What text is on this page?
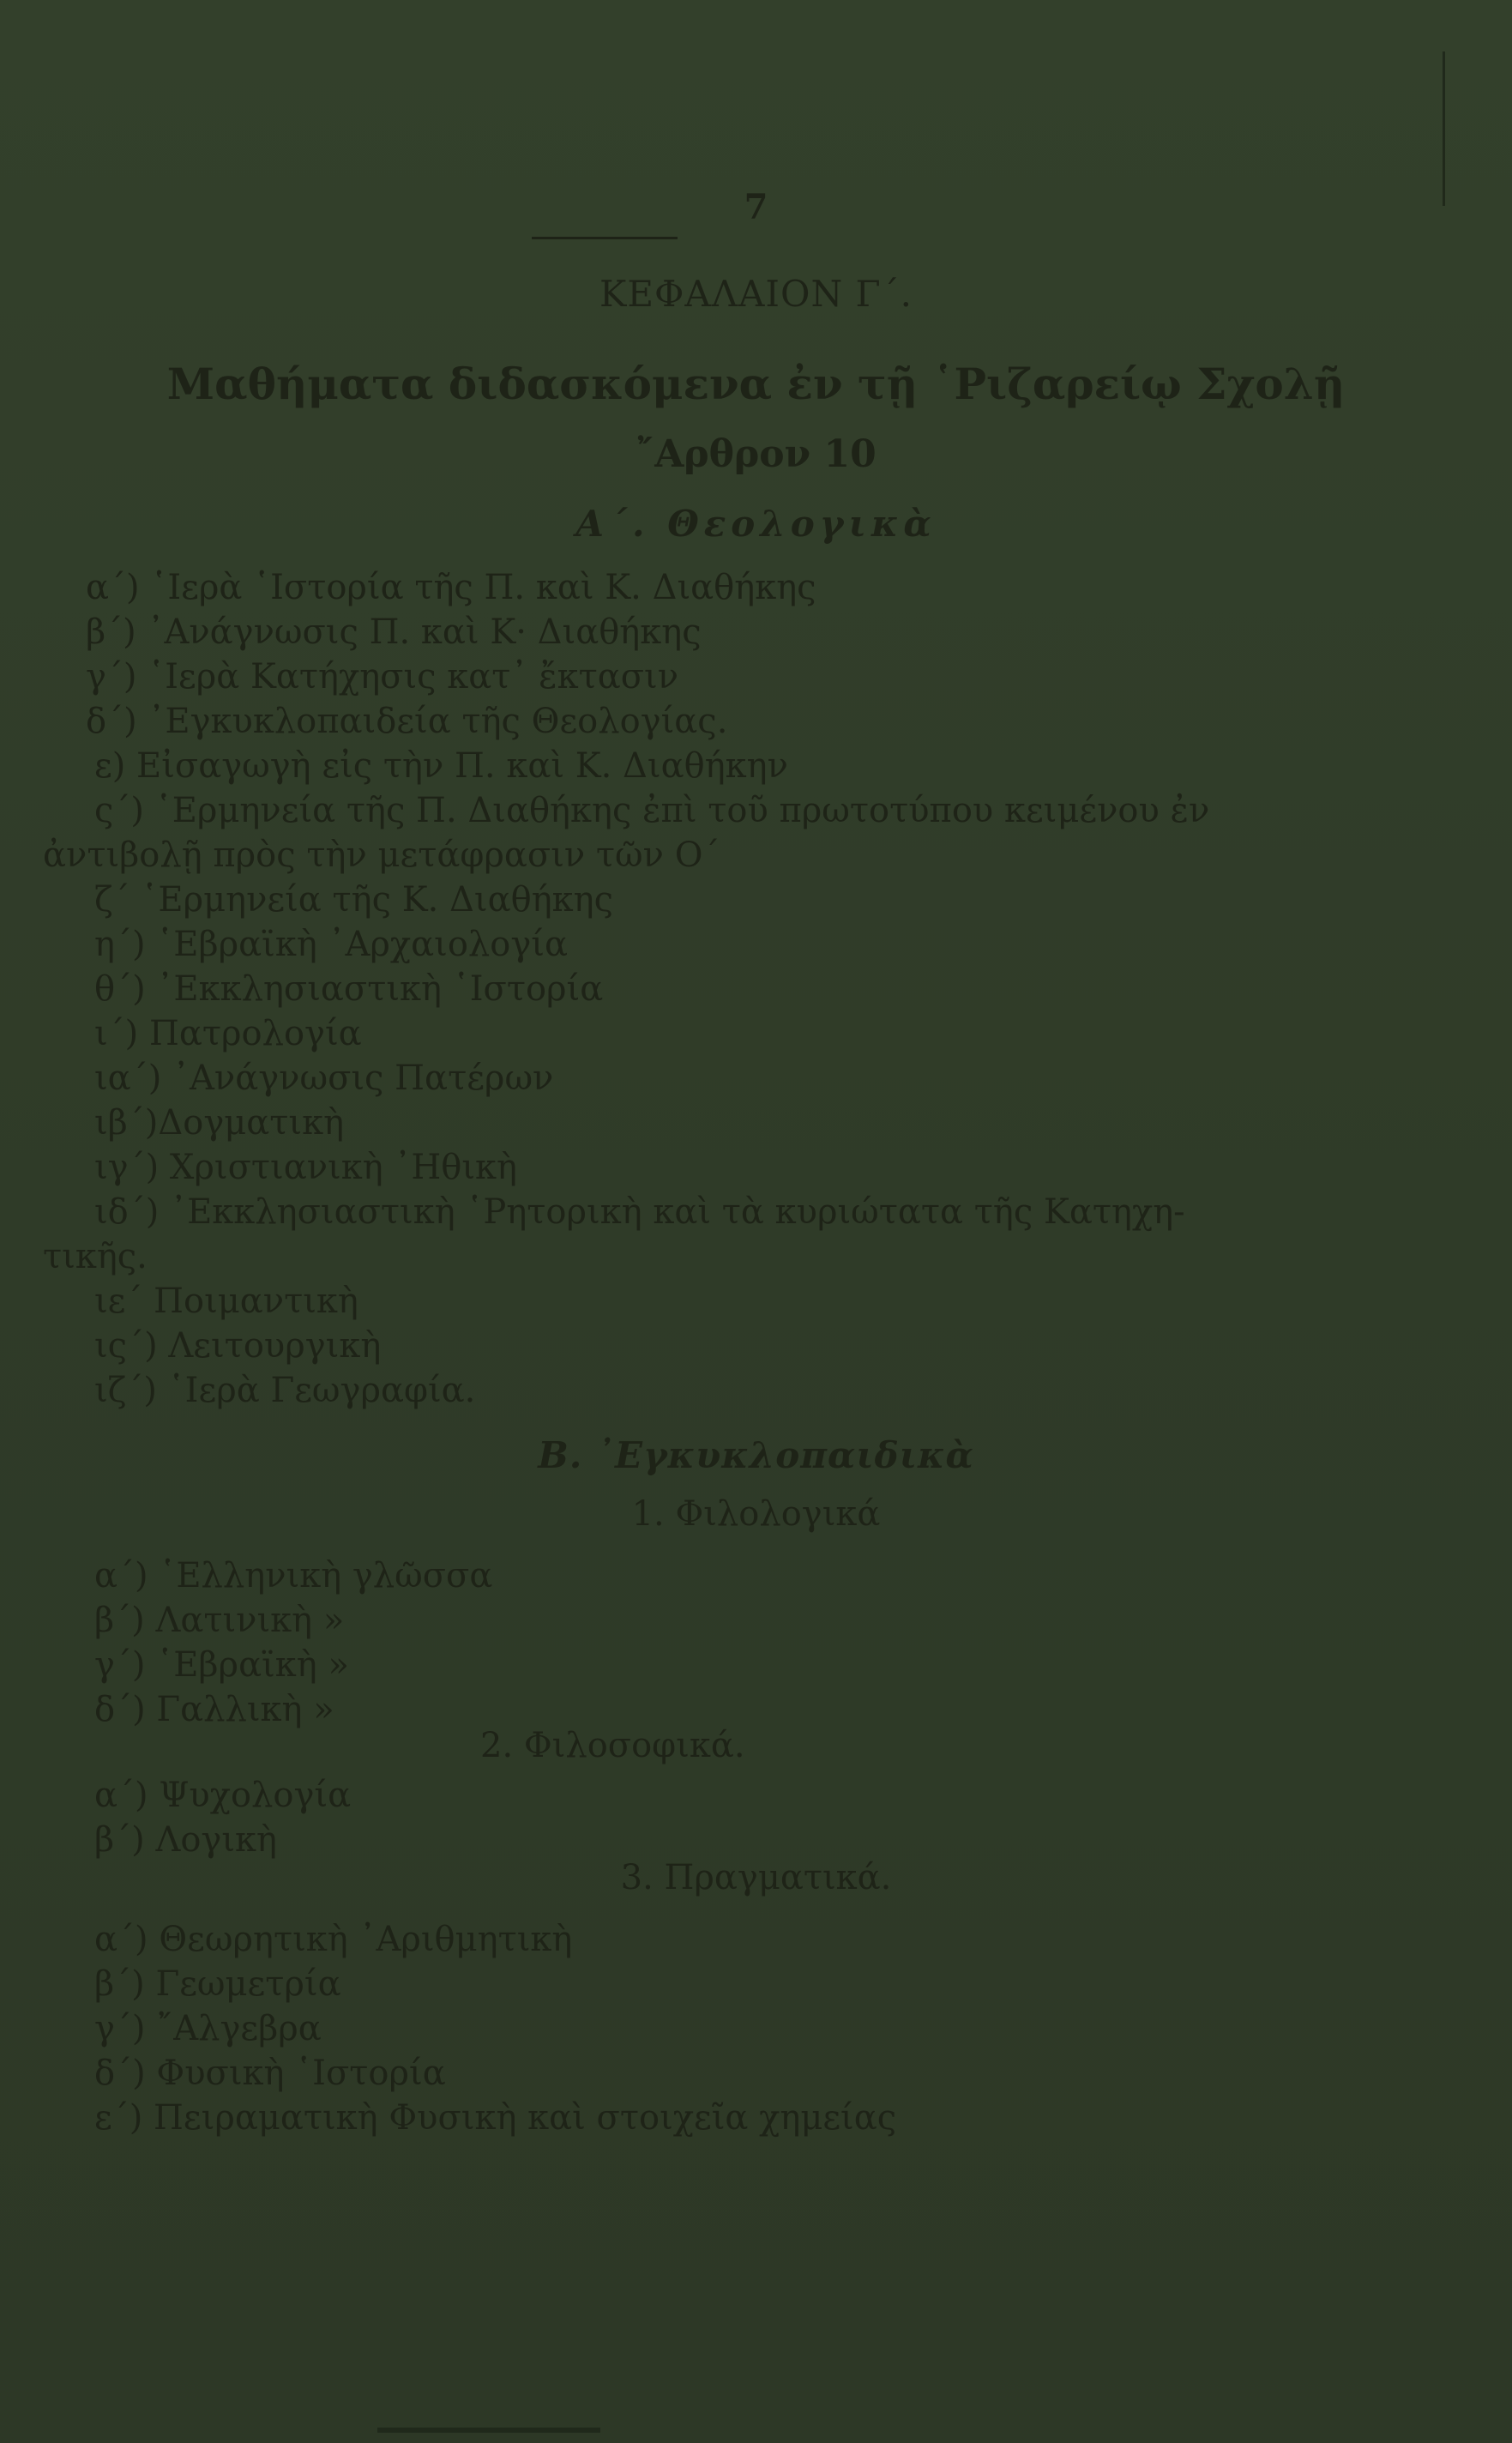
7
ΚΕΦΑΛΑΙΟΝ Γ΄.
Μαθήματα διδασκόμενα ἐν τῇ ῾Ριζαρείῳ Σχολῇ
῎Αρθρον 10
Α΄. Θεολογικὰ
α΄) ῾Ιερὰ ῾Ιστορία τῆς Π. καὶ Κ. Διαθήκης
β΄) ᾿Ανάγνωσις Π. καὶ Κ· Διαθήκης
γ΄) ῾Ιερὰ Κατήχησις κατ᾿ ἔκτασιν
δ΄) ᾿Εγκυκλοπαιδεία τῆς Θεολογίας.
ε) Εἰσαγωγὴ εἰς τὴν Π. καὶ Κ. Διαθήκην
ς΄) ῾Ερμηνεία τῆς Π. Διαθήκης ἐπὶ τοῦ πρωτοτύπου κειμένου ἐν
ἀντιβολῇ πρὸς τὴν μετάφρασιν τῶν Ο΄
ζ΄ ῾Ερμηνεία τῆς Κ. Διαθήκης
η΄) ῾Εβραϊκὴ ᾿Αρχαιολογία
θ΄) ᾿Εκκλησιαστικὴ ῾Ιστορία
ι΄) Πατρολογία
ια΄) ᾿Ανάγνωσις Πατέρων
ιβ΄)Δογματικὴ
ιγ΄) Χριστιανικὴ ᾿Ηθικὴ
ιδ΄) ᾿Εκκλησιαστικὴ ῾Ρητορικὴ καὶ τὰ κυριώτατα τῆς Κατηχη-
τικῆς.
ιε΄ Ποιμαντικὴ
ις΄) Λειτουργικὴ
ιζ΄) ῾Ιερὰ Γεωγραφία.
Β. ᾿Εγκυκλοπαιδικὰ
1. Φιλολογικά
α΄) ῾Ελληνικὴ γλῶσσα
β΄) Λατινικὴ »
γ΄) ῾Εβραϊκὴ »
δ΄) Γαλλικὴ »
2. Φιλοσοφικά.
α΄) Ψυχολογία
β΄) Λογικὴ
3. Πραγματικά.
α΄) Θεωρητικὴ ᾿Αριθμητικὴ
β΄) Γεωμετρία
γ΄) ῎Αλγεβρα
δ΄) Φυσικὴ ῾Ιστορία
ε΄) Πειραματικὴ Φυσικὴ καὶ στοιχεῖα χημείας
